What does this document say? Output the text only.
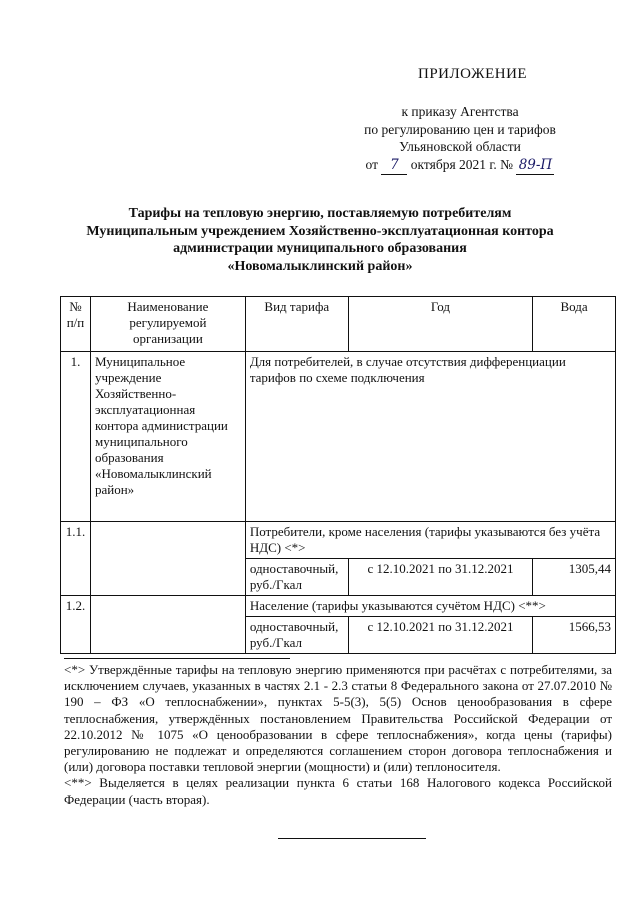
ПРИЛОЖЕНИЕ
к приказу Агентства
по регулированию цен и тарифов
Ульяновской области
от 7 октября 2021 г. № 89-П
Тарифы на тепловую энергию, поставляемую потребителям
Муниципальным учреждением Хозяйственно-эксплуатационная контора
администрации муниципального образования
«Новомалыклинский район»
№ п/п	Наименование регулируемой организации	Вид тарифа	Год	Вода
1.	Муниципальное учреждение Хозяйственно-эксплуатационная контора администрации муниципального образования «Новомалыклинский район»	Для потребителей, в случае отсутствия дифференциации тарифов по схеме подключения		
1.1.		Потребители, кроме населения (тарифы указываются без учёта НДС) <*>		
		одноставочный, руб./Гкал	с 12.10.2021 по 31.12.2021	1305,44
1.2.		Население (тарифы указываются сучётом НДС) <**>		
		одноставочный, руб./Гкал	с 12.10.2021 по 31.12.2021	1566,53

<*> Утверждённые тарифы на тепловую энергию применяются при расчётах с потребителями, за исключением случаев, указанных в частях 2.1 - 2.3 статьи 8 Федерального закона от 27.07.2010 № 190 – ФЗ «О теплоснабжении», пунктах 5-5(3), 5(5) Основ ценообразования в сфере теплоснабжения, утверждённых постановлением Правительства Российской Федерации от 22.10.2012 № 1075 «О ценообразовании в сфере теплоснабжения», когда цены (тарифы) регулированию не подлежат и определяются соглашением сторон договора теплоснабжения и (или) договора поставки тепловой энергии (мощности) и (или) теплоносителя.

<**> Выделяется в целях реализации пункта 6 статьи 168 Налогового кодекса Российской Федерации (часть вторая).
